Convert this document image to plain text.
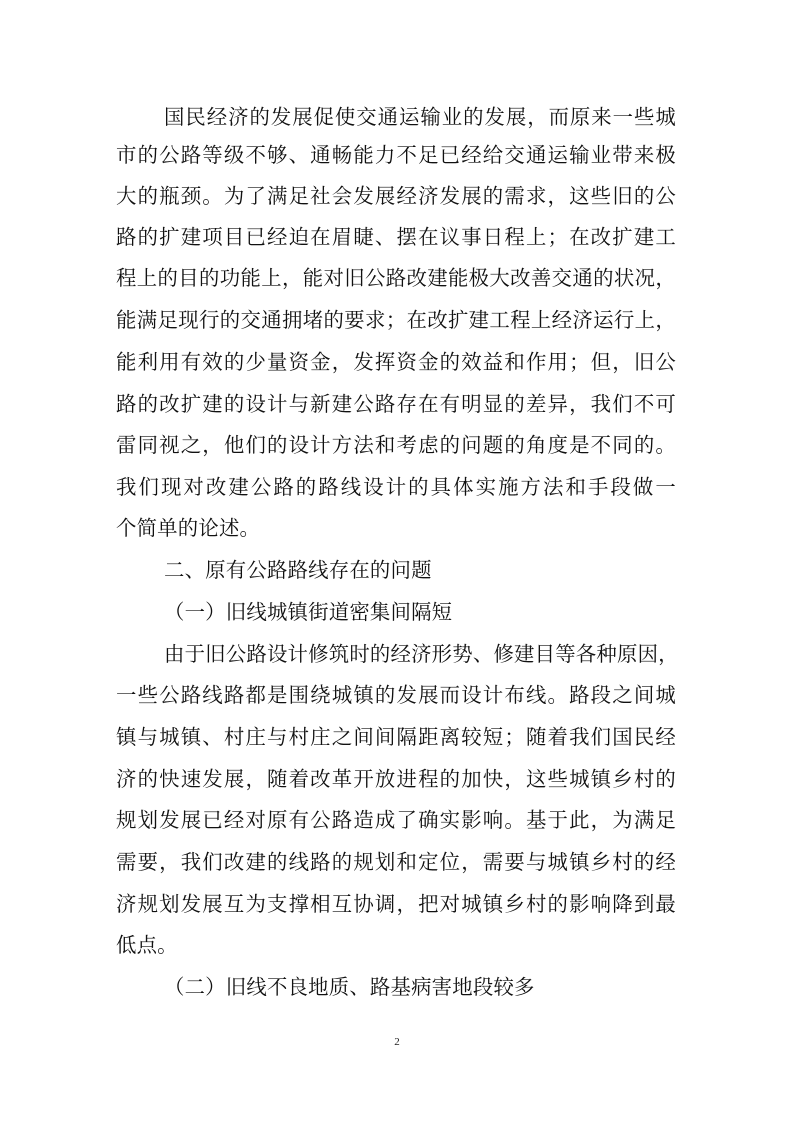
国民经济的发展促使交通运输业的发展，而原来一些城
市的公路等级不够、通畅能力不足已经给交通运输业带来极
大的瓶颈。为了满足社会发展经济发展的需求，这些旧的公
路的扩建项目已经迫在眉睫、摆在议事日程上；在改扩建工
程上的目的功能上，能对旧公路改建能极大改善交通的状况，
能满足现行的交通拥堵的要求；在改扩建工程上经济运行上，
能利用有效的少量资金，发挥资金的效益和作用；但，旧公
路的改扩建的设计与新建公路存在有明显的差异，我们不可
雷同视之，他们的设计方法和考虑的问题的角度是不同的。
我们现对改建公路的路线设计的具体实施方法和手段做一
个简单的论述。
二、原有公路路线存在的问题
（一）旧线城镇街道密集间隔短
由于旧公路设计修筑时的经济形势、修建目等各种原因，
一些公路线路都是围绕城镇的发展而设计布线。路段之间城
镇与城镇、村庄与村庄之间间隔距离较短；随着我们国民经
济的快速发展，随着改革开放进程的加快，这些城镇乡村的
规划发展已经对原有公路造成了确实影响。基于此，为满足
需要，我们改建的线路的规划和定位，需要与城镇乡村的经
济规划发展互为支撑相互协调，把对城镇乡村的影响降到最
低点。
（二）旧线不良地质、路基病害地段较多
2
